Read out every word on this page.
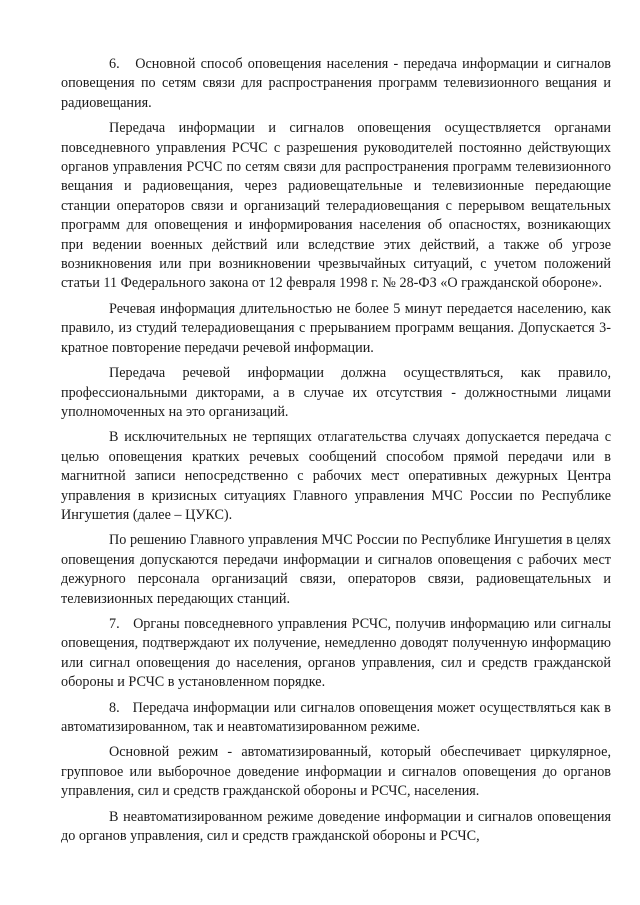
6.   Основной способ оповещения населения - передача информации и сигналов оповещения по сетям связи для распространения программ телевизионного вещания и радиовещания.

Передача информации и сигналов оповещения осуществляется органами повседневного управления РСЧС с разрешения руководителей постоянно действующих органов управления РСЧС по сетям связи для распространения программ телевизионного вещания и радиовещания, через радиовещательные и телевизионные передающие станции операторов связи и организаций телерадиовещания с перерывом вещательных программ для оповещения и информирования населения об опасностях, возникающих при ведении военных действий или вследствие этих действий, а также об угрозе возникновения или при возникновении чрезвычайных ситуаций, с учетом положений статьи 11 Федерального закона от 12 февраля 1998 г. № 28-ФЗ «О гражданской обороне».

Речевая информация длительностью не более 5 минут передается населению, как правило, из студий телерадиовещания с прерыванием программ вещания. Допускается 3-кратное повторение передачи речевой информации.

Передача речевой информации должна осуществляться, как правило, профессиональными дикторами, а в случае их отсутствия - должностными лицами уполномоченных на это организаций.

В исключительных не терпящих отлагательства случаях допускается передача с целью оповещения кратких речевых сообщений способом прямой передачи или в магнитной записи непосредственно с рабочих мест оперативных дежурных Центра управления в кризисных ситуациях Главного управления МЧС России по Республике Ингушетия (далее – ЦУКС).

По решению Главного управления МЧС России по Республике Ингушетия в целях оповещения допускаются передачи информации и сигналов оповещения с рабочих мест дежурного персонала организаций связи, операторов связи, радиовещательных и телевизионных передающих станций.

7.   Органы повседневного управления РСЧС, получив информацию или сигналы оповещения, подтверждают их получение, немедленно доводят полученную информацию или сигнал оповещения до населения, органов управления, сил и средств гражданской обороны и РСЧС в установленном порядке.

8.   Передача информации или сигналов оповещения может осуществляться как в автоматизированном, так и неавтоматизированном режиме.

Основной режим - автоматизированный, который обеспечивает циркулярное, групповое или выборочное доведение информации и сигналов оповещения до органов управления, сил и средств гражданской обороны и РСЧС, населения.

В неавтоматизированном режиме доведение информации и сигналов оповещения до органов управления, сил и средств гражданской обороны и РСЧС,
